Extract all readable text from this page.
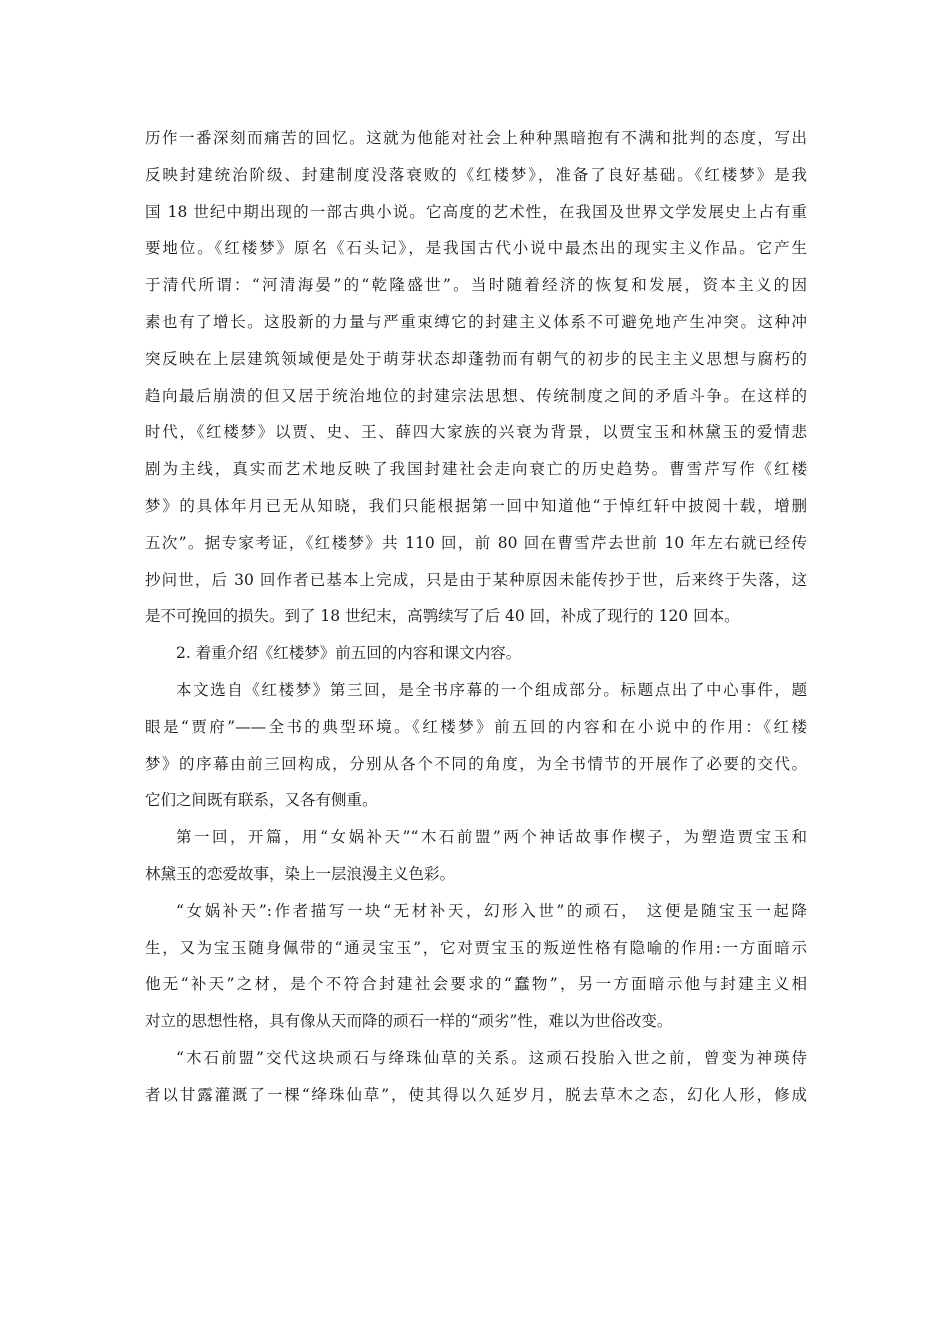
历作一番深刻而痛苦的回忆。这就为他能对社会上种种黑暗抱有不满和批判的态度，写出
反映封建统治阶级、封建制度没落衰败的《红楼梦》，准备了良好基础。《红楼梦》是我
国 18 世纪中期出现的一部古典小说。它高度的艺术性，在我国及世界文学发展史上占有重
要地位。《红楼梦》原名《石头记》，是我国古代小说中最杰出的现实主义作品。它产生
于清代所谓：“河清海晏”的“乾隆盛世”。当时随着经济的恢复和发展，资本主义的因
素也有了增长。这股新的力量与严重束缚它的封建主义体系不可避免地产生冲突。这种冲
突反映在上层建筑领域便是处于萌芽状态却蓬勃而有朝气的初步的民主主义思想与腐朽的
趋向最后崩溃的但又居于统治地位的封建宗法思想、传统制度之间的矛盾斗争。在这样的
时代，《红楼梦》以贾、史、王、薛四大家族的兴衰为背景，以贾宝玉和林黛玉的爱情悲
剧为主线，真实而艺术地反映了我国封建社会走向衰亡的历史趋势。曹雪芹写作《红楼
梦》的具体年月已无从知晓，我们只能根据第一回中知道他“于悼红轩中披阅十载，增删
五次”。据专家考证，《红楼梦》共 110 回，前 80 回在曹雪芹去世前 10 年左右就已经传
抄问世，后 30 回作者已基本上完成，只是由于某种原因未能传抄于世，后来终于失落，这
是不可挽回的损失。到了 18 世纪末，高鹗续写了后 40 回，补成了现行的 120 回本。
2. 着重介绍《红楼梦》前五回的内容和课文内容。
本文选自《红楼梦》第三回，是全书序幕的一个组成部分。标题点出了中心事件，题
眼是“贾府”——全书的典型环境。《红楼梦》前五回的内容和在小说中的作用：《红楼
梦》的序幕由前三回构成，分别从各个不同的角度，为全书情节的开展作了必要的交代。
它们之间既有联系，又各有侧重。
第一回，开篇，用“女娲补天”“木石前盟”两个神话故事作楔子，为塑造贾宝玉和
林黛玉的恋爱故事，染上一层浪漫主义色彩。
“女娲补天”:作者描写一块“无材补天，幻形入世”的顽石， 这便是随宝玉一起降
生，又为宝玉随身佩带的“通灵宝玉”，它对贾宝玉的叛逆性格有隐喻的作用:一方面暗示
他无“补天”之材，是个不符合封建社会要求的“蠢物”，另一方面暗示他与封建主义相
对立的思想性格，具有像从天而降的顽石一样的“顽劣”性，难以为世俗改变。
“木石前盟”交代这块顽石与绛珠仙草的关系。这顽石投胎入世之前，曾变为神瑛侍
者以甘露灌溉了一棵“绛珠仙草”，使其得以久延岁月，脱去草木之态，幻化人形，修成
